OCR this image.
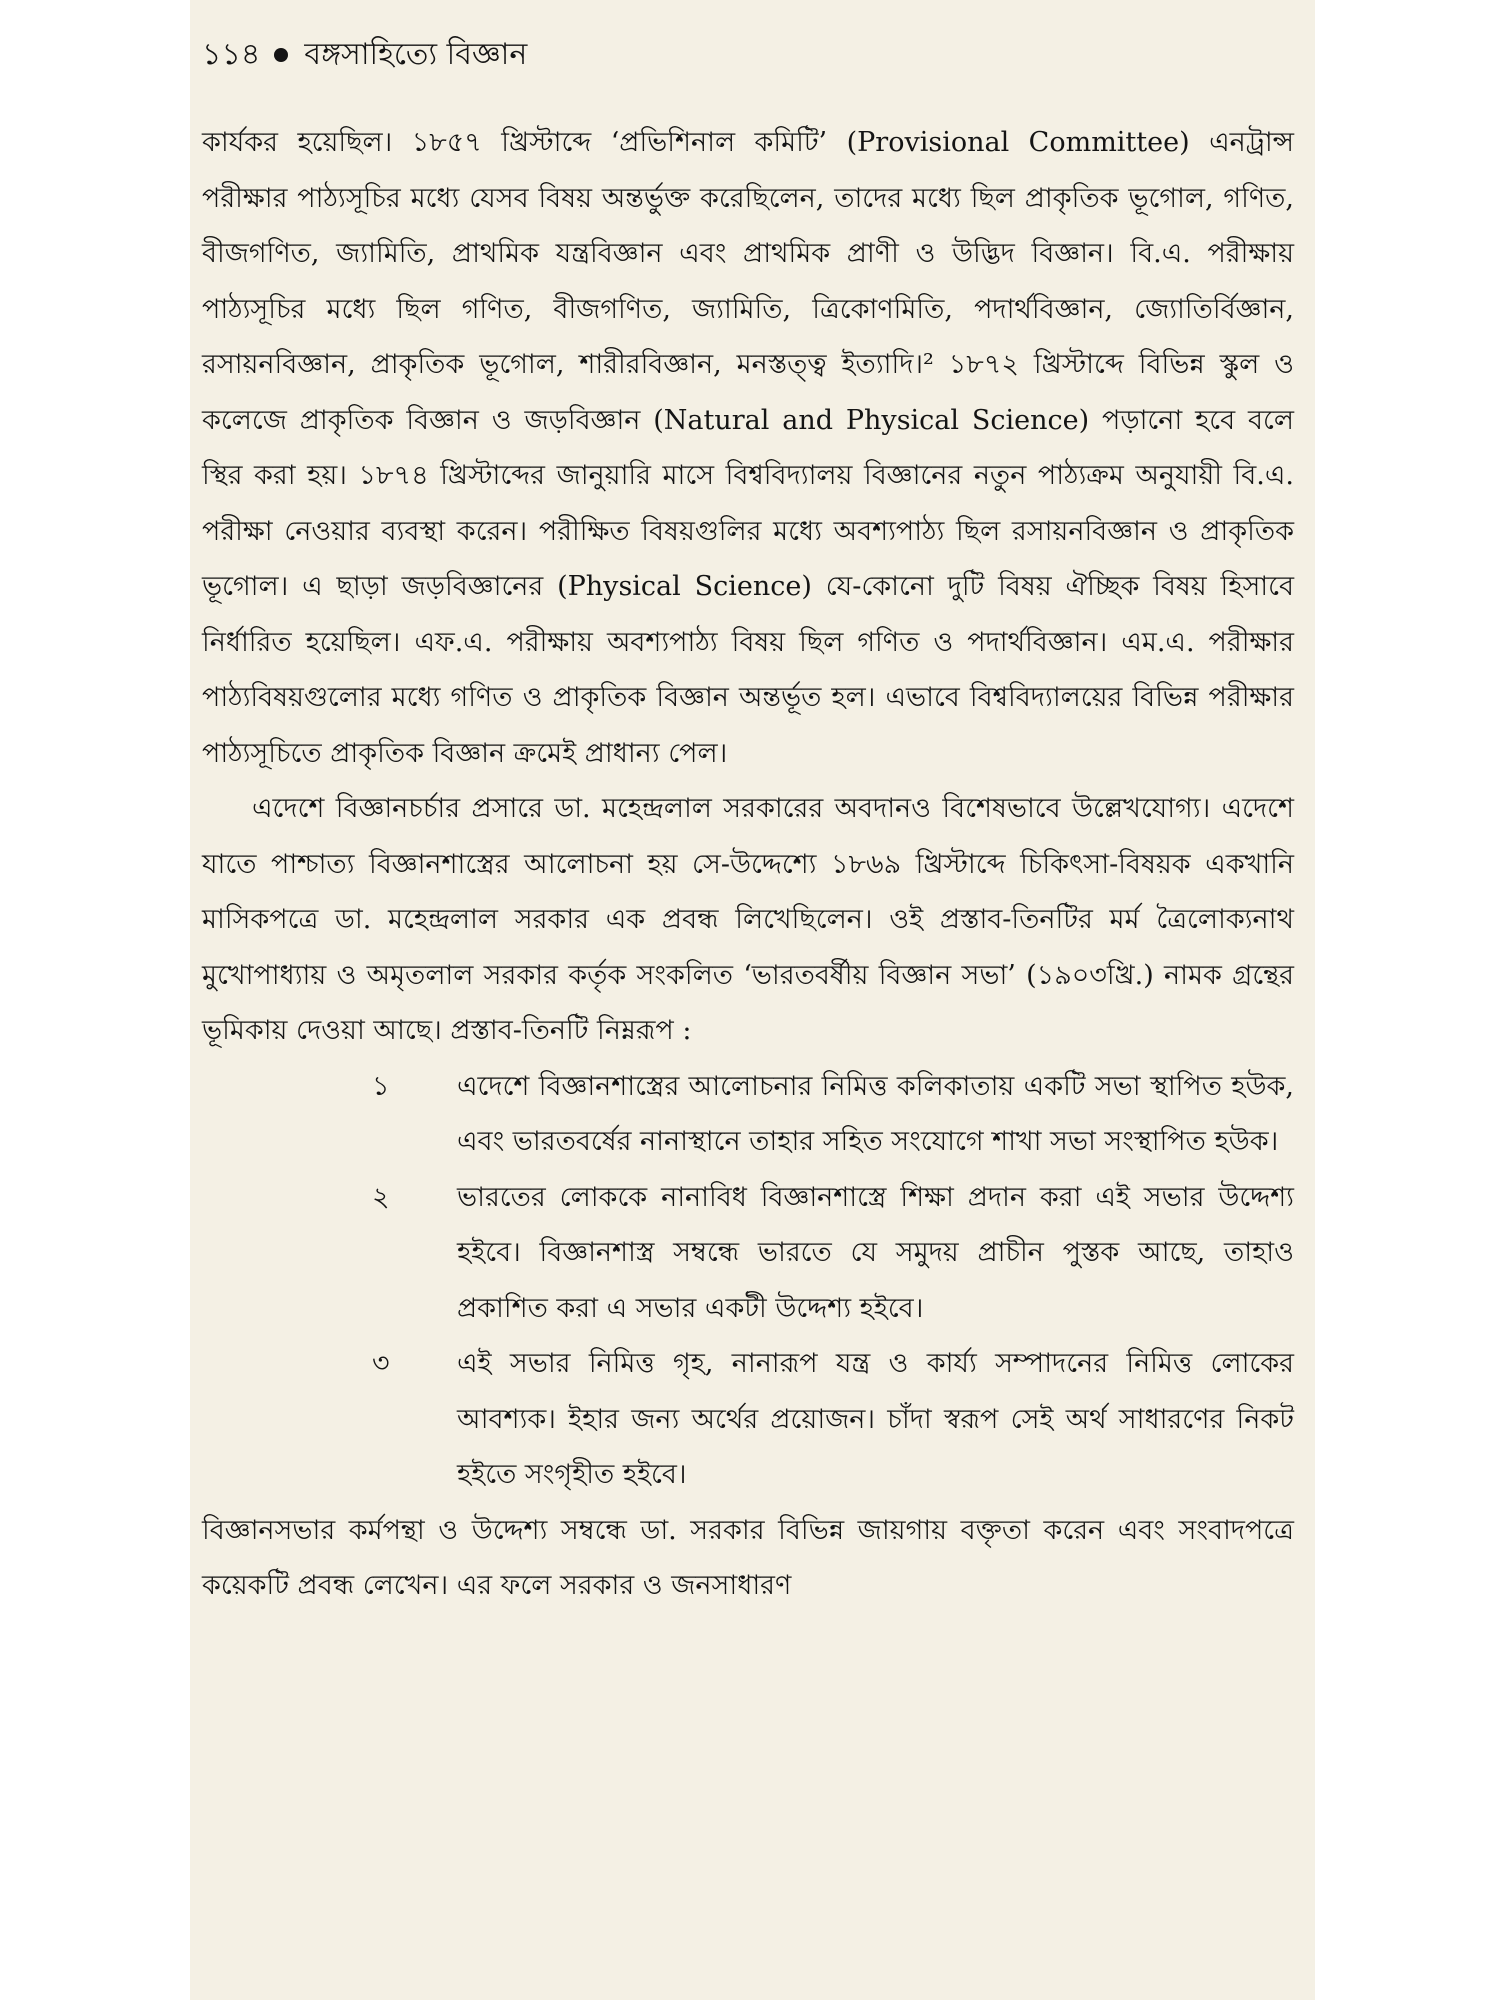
১১৪ বঙ্গসাহিত্যে বিজ্ঞান

কার্যকর হয়েছিল। ১৮৫৭ খ্রিস্টাব্দে ‘প্রভিশিনাল কমিটি’ (Provisional Committee) এনট্রান্স পরীক্ষার পাঠ্যসূচির মধ্যে যেসব বিষয় অন্তর্ভুক্ত করেছিলেন, তাদের মধ্যে ছিল প্রাকৃতিক ভূগোল, গণিত, বীজগণিত, জ্যামিতি, প্রাথমিক যন্ত্রবিজ্ঞান এবং প্রাথমিক প্রাণী ও উদ্ভিদ বিজ্ঞান। বি.এ. পরীক্ষায় পাঠ্যসূচির মধ্যে ছিল গণিত, বীজগণিত, জ্যামিতি, ত্রিকোণমিতি, পদার্থবিজ্ঞান, জ্যোতির্বিজ্ঞান, রসায়নবিজ্ঞান, প্রাকৃতিক ভূগোল, শারীরবিজ্ঞান, মনস্তত্ত্ব ইত্যাদি।² ১৮৭২ খ্রিস্টাব্দে বিভিন্ন স্কুল ও কলেজে প্রাকৃতিক বিজ্ঞান ও জড়বিজ্ঞান (Natural and Physical Science) পড়ানো হবে বলে স্থির করা হয়। ১৮৭৪ খ্রিস্টাব্দের জানুয়ারি মাসে বিশ্ববিদ্যালয় বিজ্ঞানের নতুন পাঠ্যক্রম অনুযায়ী বি.এ. পরীক্ষা নেওয়ার ব্যবস্থা করেন। পরীক্ষিত বিষয়গুলির মধ্যে অবশ্যপাঠ্য ছিল রসায়নবিজ্ঞান ও প্রাকৃতিক ভূগোল। এ ছাড়া জড়বিজ্ঞানের (Physical Science) যে-কোনো দুটি বিষয় ঐচ্ছিক বিষয় হিসাবে নির্ধারিত হয়েছিল। এফ.এ. পরীক্ষায় অবশ্যপাঠ্য বিষয় ছিল গণিত ও পদার্থবিজ্ঞান। এম.এ. পরীক্ষার পাঠ্যবিষয়গুলোর মধ্যে গণিত ও প্রাকৃতিক বিজ্ঞান অন্তর্ভূত হল। এভাবে বিশ্ববিদ্যালয়ের বিভিন্ন পরীক্ষার পাঠ্যসূচিতে প্রাকৃতিক বিজ্ঞান ক্রমেই প্রাধান্য পেল।

এদেশে বিজ্ঞানচর্চার প্রসারে ডা. মহেন্দ্রলাল সরকারের অবদানও বিশেষভাবে উল্লেখযোগ্য। এদেশে যাতে পাশ্চাত্য বিজ্ঞানশাস্ত্রের আলোচনা হয় সে-উদ্দেশ্যে ১৮৬৯ খ্রিস্টাব্দে চিকিৎসা-বিষয়ক একখানি মাসিকপত্রে ডা. মহেন্দ্রলাল সরকার এক প্রবন্ধ লিখেছিলেন। ওই প্রস্তাব-তিনটির মর্ম ত্রৈলোক্যনাথ মুখোপাধ্যায় ও অমৃতলাল সরকার কর্তৃক সংকলিত ‘ভারতবর্ষীয় বিজ্ঞান সভা’ (১৯০৩খ্রি.) নামক গ্রন্থের ভূমিকায় দেওয়া আছে। প্রস্তাব-তিনটি নিম্নরূপ :

১ এদেশে বিজ্ঞানশাস্ত্রের আলোচনার নিমিত্ত কলিকাতায় একটি সভা স্থাপিত হউক, এবং ভারতবর্ষের নানাস্থানে তাহার সহিত সংযোগে শাখা সভা সংস্থাপিত হউক।
২ ভারতের লোককে নানাবিধ বিজ্ঞানশাস্ত্রে শিক্ষা প্রদান করা এই সভার উদ্দেশ্য হইবে। বিজ্ঞানশাস্ত্র সম্বন্ধে ভারতে যে সমুদয় প্রাচীন পুস্তক আছে, তাহাও প্রকাশিত করা এ সভার একটী উদ্দেশ্য হইবে।
৩ এই সভার নিমিত্ত গৃহ, নানারূপ যন্ত্র ও কার্য্য সম্পাদনের নিমিত্ত লোকের আবশ্যক। ইহার জন্য অর্থের প্রয়োজন। চাঁদা স্বরূপ সেই অর্থ সাধারণের নিকট হইতে সংগৃহীত হইবে।

বিজ্ঞানসভার কর্মপন্থা ও উদ্দেশ্য সম্বন্ধে ডা. সরকার বিভিন্ন জায়গায় বক্তৃতা করেন এবং সংবাদপত্রে কয়েকটি প্রবন্ধ লেখেন। এর ফলে সরকার ও জনসাধারণ
